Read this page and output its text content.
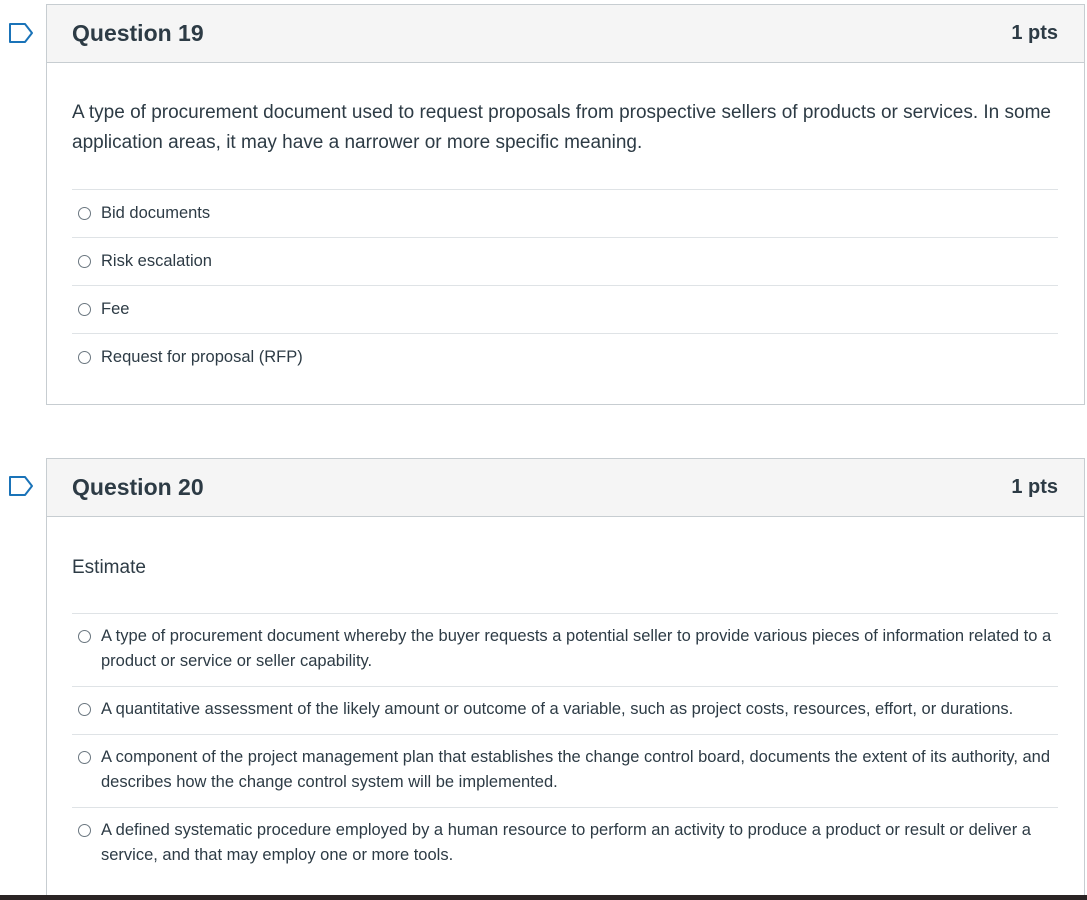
Question 19	1 pts
A type of procurement document used to request proposals from prospective sellers of products or services. In some application areas, it may have a narrower or more specific meaning.
Bid documents
Risk escalation
Fee
Request for proposal (RFP)
Question 20	1 pts
Estimate
A type of procurement document whereby the buyer requests a potential seller to provide various pieces of information related to a product or service or seller capability.
A quantitative assessment of the likely amount or outcome of a variable, such as project costs, resources, effort, or durations.
A component of the project management plan that establishes the change control board, documents the extent of its authority, and describes how the change control system will be implemented.
A defined systematic procedure employed by a human resource to perform an activity to produce a product or result or deliver a service, and that may employ one or more tools.
